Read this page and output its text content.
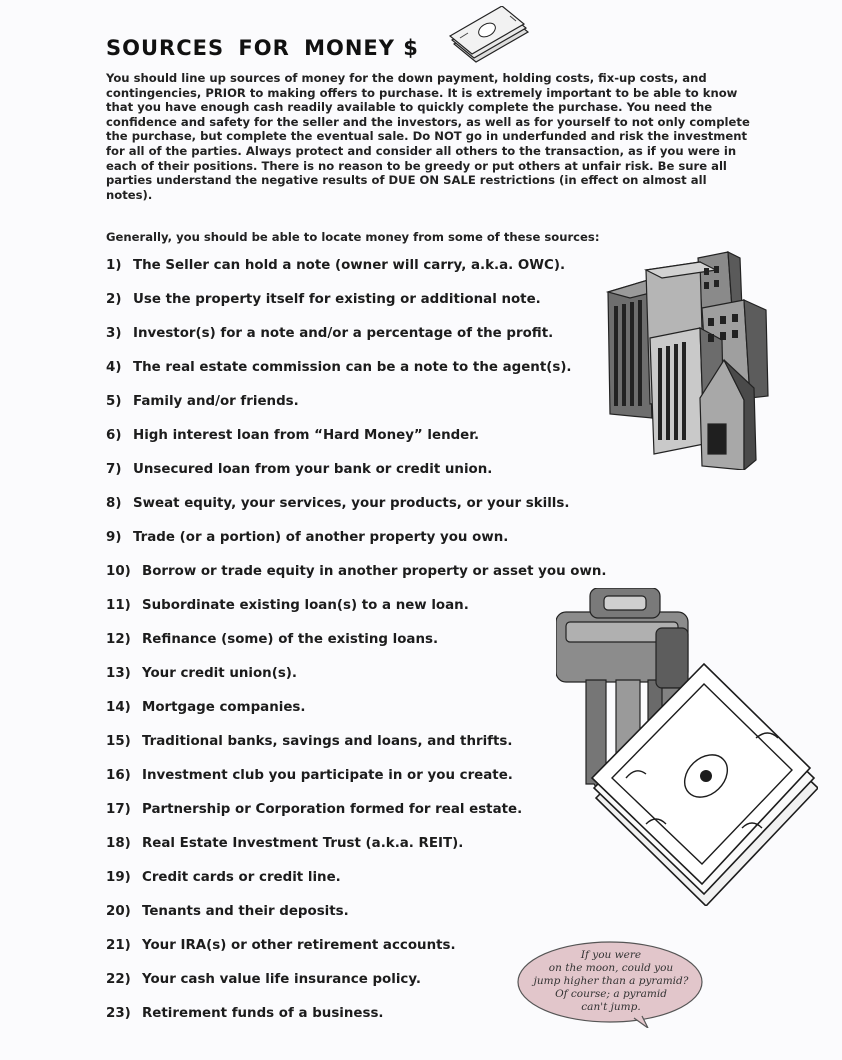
SOURCES FOR MONEY $
You should line up sources of money for the down payment, holding costs, fix-up costs, and contingencies, PRIOR to making offers to purchase. It is extremely important to be able to know that you have enough cash readily available to quickly complete the purchase. You need the confidence and safety for the seller and the investors, as well as for yourself to not only complete the purchase, but complete the eventual sale. Do NOT go in underfunded and risk the investment for all of the parties. Always protect and consider all others to the transaction, as if you were in each of their positions. There is no reason to be greedy or put others at unfair risk. Be sure all parties understand the negative results of DUE ON SALE restrictions (in effect on almost all notes).
Generally, you should be able to locate money from some of these sources:
1) The Seller can hold a note (owner will carry, a.k.a. OWC).
2) Use the property itself for existing or additional note.
3) Investor(s) for a note and/or a percentage of the profit.
4) The real estate commission can be a note to the agent(s).
5) Family and/or friends.
6) High interest loan from “Hard Money” lender.
7) Unsecured loan from your bank or credit union.
8) Sweat equity, your services, your products, or your skills.
9) Trade (or a portion) of another property you own.
10) Borrow or trade equity in another property or asset you own.
11) Subordinate existing loan(s) to a new loan.
12) Refinance (some) of the existing loans.
13) Your credit union(s).
14) Mortgage companies.
15) Traditional banks, savings and loans, and thrifts.
16) Investment club you participate in or you create.
17) Partnership or Corporation formed for real estate.
18) Real Estate Investment Trust (a.k.a. REIT).
19) Credit cards or credit line.
20) Tenants and their deposits.
21) Your IRA(s) or other retirement accounts.
22) Your cash value life insurance policy.
23) Retirement funds of a business.
If you were
on the moon, could you
jump higher than a pyramid?
Of course; a pyramid
can't jump.
